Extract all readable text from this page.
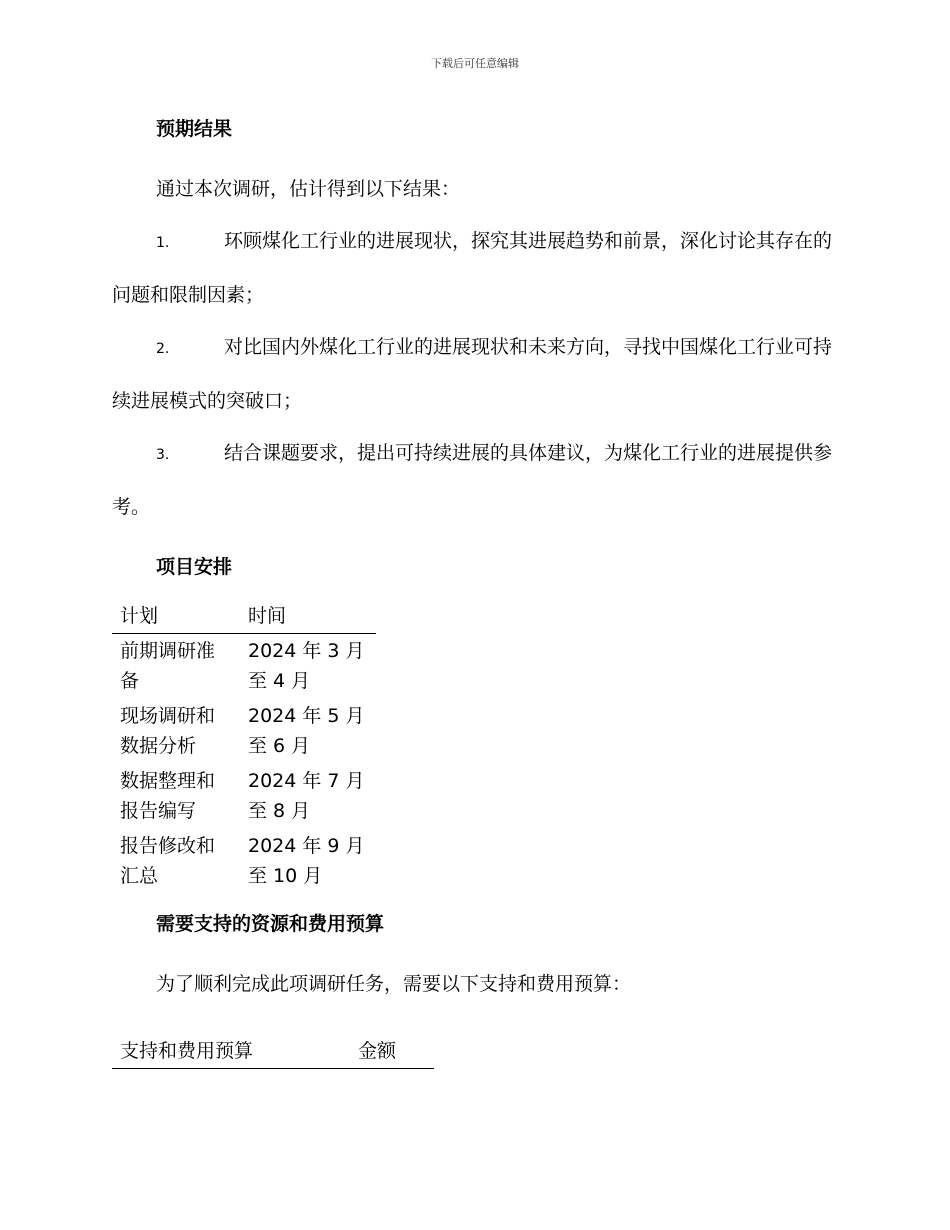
下载后可任意编辑
预期结果

通过本次调研，估计得到以下结果：

1.	环顾煤化工行业的进展现状，探究其进展趋势和前景，深化讨论其存在的问题和限制因素；

2.	对比国内外煤化工行业的进展现状和未来方向，寻找中国煤化工行业可持续进展模式的突破口；

3.	结合课题要求，提出可持续进展的具体建议，为煤化工行业的进展提供参考。

项目安排
计划	时间

前期调研准备	2024 年 3 月至 4 月

现场调研和数据分析	2024 年 5 月至 6 月

数据整理和报告编写	2024 年 7 月至 8 月

报告修改和汇总	2024 年 9 月至 10 月
需要支持的资源和费用预算

为了顺利完成此项调研任务，需要以下支持和费用预算：

支持和费用预算	金额
